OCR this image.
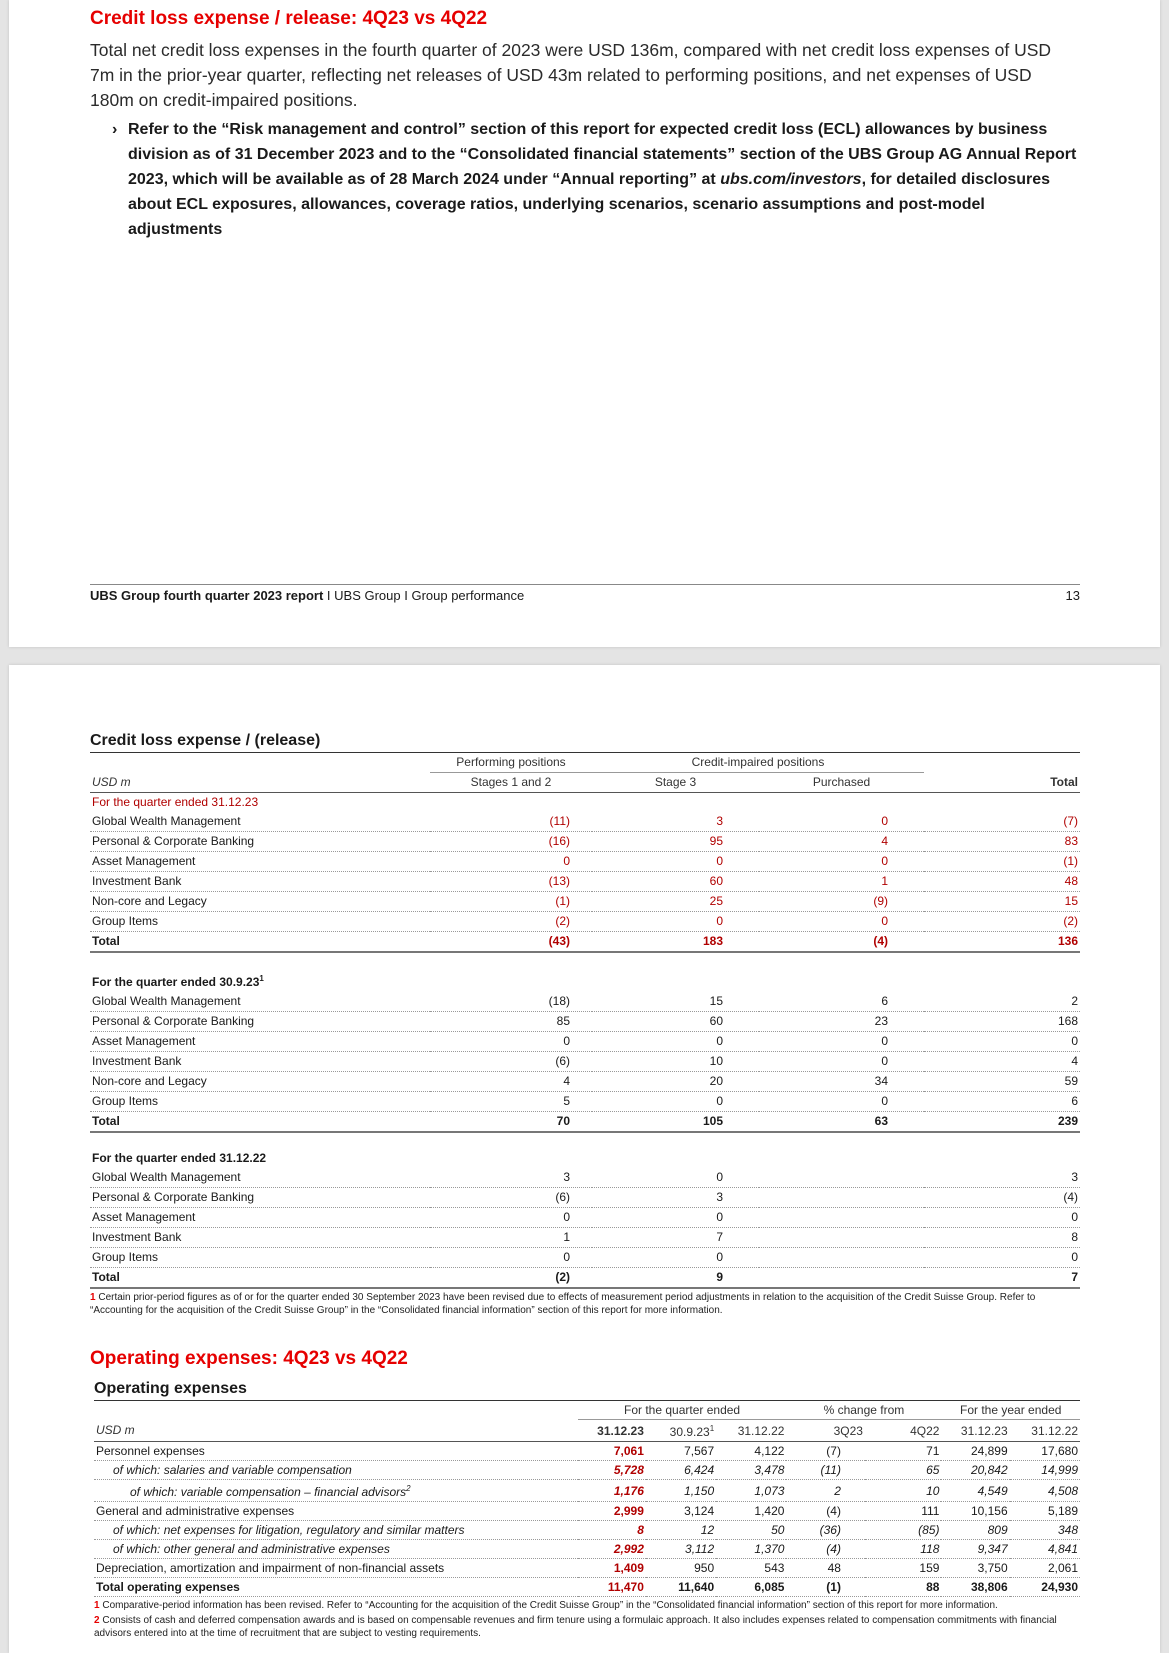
Credit loss expense / release: 4Q23 vs 4Q22

Total net credit loss expenses in the fourth quarter of 2023 were USD 136m, compared with net credit loss expenses of USD 7m in the prior-year quarter, reflecting net releases of USD 43m related to performing positions, and net expenses of USD 180m on credit-impaired positions.

› Refer to the “Risk management and control” section of this report for expected credit loss (ECL) allowances by business division as of 31 December 2023 and to the “Consolidated financial statements” section of the UBS Group AG Annual Report 2023, which will be available as of 28 March 2024 under “Annual reporting” at ubs.com/investors, for detailed disclosures about ECL exposures, allowances, coverage ratios, underlying scenarios, scenario assumptions and post-model adjustments

UBS Group fourth quarter 2023 report I UBS Group I Group performance	13
Credit loss expense / (release)
	Performing positions	Credit-impaired positions		
USD m	Stages 1 and 2	Stage 3	Purchased	Total
For the quarter ended 31.12.23				
Global Wealth Management	(11)	3	0	(7)
Personal & Corporate Banking	(16)	95	4	83
Asset Management	0	0	0	(1)
Investment Bank	(13)	60	1	48
Non-core and Legacy	(1)	25	(9)	15
Group Items	(2)	0	0	(2)
Total	(43)	183	(4)	136

For the quarter ended 30.9.23$^1$
Global Wealth Management	(18)	15	6	2
Personal & Corporate Banking	85	60	23	168
Asset Management	0	0	0	0
Investment Bank	(6)	10	0	4
Non-core and Legacy	4	20	34	59
Group Items	5	0	0	6
Total	70	105	63	239

For the quarter ended 31.12.22				
Global Wealth Management	3	0		3
Personal & Corporate Banking	(6)	3		(4)
Asset Management	0	0		0
Investment Bank	1	7		8
Group Items	0	0		0
Total	(2)	9		7
1 Certain prior-period figures as of or for the quarter ended 30 September 2023 have been revised due to effects of measurement period adjustments in relation to the acquisition of the Credit Suisse Group. Refer to “Accounting for the acquisition of the Credit Suisse Group” in the “Consolidated financial information” section of this report for more information.
Operating expenses: 4Q23 vs 4Q22
Operating expenses
	For the quarter ended			% change from		For the year ended	
USD m	31.12.23	30.9.23$^1$	31.12.22	3Q23	4Q22	31.12.23	31.12.22
Personnel expenses	7,061	7,567	4,122	(7)	71	24,899	17,680
of which: salaries and variable compensation	5,728	6,424	3,478	(11)	65	20,842	14,999
of which: variable compensation – financial advisors$^2$	1,176	1,150	1,073	2	10	4,549	4,508
General and administrative expenses	2,999	3,124	1,420	(4)	111	10,156	5,189
of which: net expenses for litigation, regulatory and similar matters	8	12	50	(36)	(85)	809	348
of which: other general and administrative expenses	2,992	3,112	1,370	(4)	118	9,347	4,841
Depreciation, amortization and impairment of non-financial assets	1,409	950	543	48	159	3,750	2,061
Total operating expenses	11,470	11,640	6,085	(1)	88	38,806	24,930
1 Comparative-period information has been revised. Refer to “Accounting for the acquisition of the Credit Suisse Group” in the “Consolidated financial information” section of this report for more information.
2 Consists of cash and deferred compensation awards and is based on compensable revenues and firm tenure using a formulaic approach. It also includes expenses related to compensation commitments with financial advisors entered into at the time of recruitment that are subject to vesting requirements.
